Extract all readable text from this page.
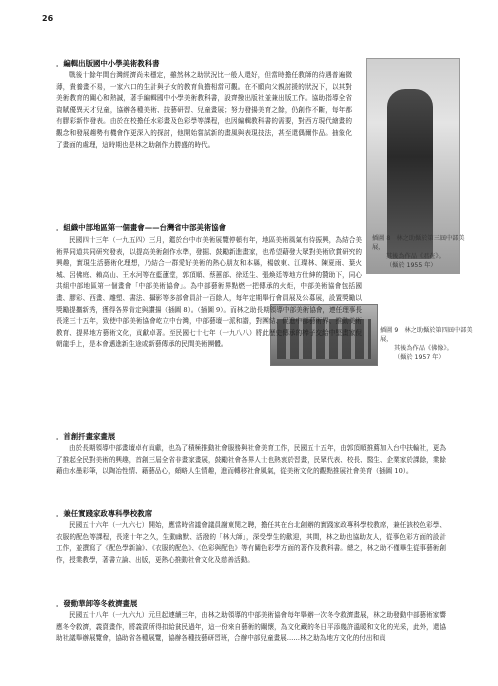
26
插圖 8　林之助攝於第三屆中部美展，
其後為作品《君在》。
（攝於 1955 年）
插圖 9　林之助攝於第四屆中部美展，
其後為作品《佛像》。
（攝於 1957 年）
．編輯出版國中小學美術教科書

戰後十餘年間台灣經濟尚未穩定，雖然林之助狀況比一般人還好，但當時擔任教師的待遇普遍微薄，貴養畫不易，一家六口的生計與子女的教育負擔相當可觀。在不願向父親討援的狀況下，以其對美術教育的關心和熱誠，著手編輯國中小學美術教科書，設齊撥出版社並兼出版工作。協助指導全省資賦優異天才兒童，協辦各種美術、技藝研習、兒童畫展；努力發揚美育之餘，仍創作不斷，每年都有膠彩新作發表。由於在校擔任水彩畫及色彩學等課程，也因編輯教科書的需要，對西方現代繪畫的觀念和發展趨勢有機會作更深入的探討，他開始嘗試新的畫風與表現技法，甚至還偶爾作品。抽象化了畫面的處理，這時期也是林之助創作力勝盛的時代。

．組織中部地區第一個畫會——台灣省中部美術協會

民國四十三年（一九五四）三月，鑑於台中市美術展覽停頓有年，地區美術風氣有待振興，為結合美術界同道共同研究發表，以提高美術創作水準，發掘、鼓勵新進畫家，也希望藉發大眾對美術欣賞研究的興趣，實現生活藝術化理想，乃結合一群愛好美術的熱心朋友和本縣，楊啟東、江璨林、陳夏雨、葉火城、呂佛庭、賴高山、王水河等在藍蓮堂，郭頂順、蔡蕙部、徐廷生、張煥廷等地方仕紳的贊助下，同心共組中部地區第一個畫會「中部美術協會」。為中部藝術界點燃一把傳承的火炬，中部美術協會包括國畫、膠彩、西畫、雕塑、書法、攝影等多部會員計一百餘人，每年定期舉行會員展及公募展，設置獎勵以獎勵提攜新秀，獲得各界肯定與讚揚（插圖 8）。（插圖 9）。而林之助長期領導中部美術協會，連任理事長長達三十五年，致使中部美術協會屹立中台灣，中部藝壇一派和諧，對團結、促進中部藝術界、推動美術教育、提昇地方藝術文化，貢獻卓著。至民國七十七年（一九八八）將此歷史傳承的棒子交給中堅畫家倪朝龍手上，是本會邁進新生途或新藝傳承的民間美術團體。

．首創扦畫家畫展

由於長期領導中部畫壇卓有貢獻，也為了積極推動社會服務與社會美育工作，民國五十五年，由郭頂順推薦加入台中扶輪社，更為了推起全民對美術的興趣，首創三屆全省非畫家畫展，鼓勵社會各界人士也熱衷於習畫，民眾代表、校長、醫生、企業家於課餘，業餘藉由水墨彩筆，以陶冶性情、藉藝品心，頗略人生情趣，進而轉移社會風氣，從美術文化的觀點推展社會美育（插圖 10）。

．兼任實踐家政專科學校教席

民國五十六年（一九六七）開始，應當時省議會議員謝東閔之聘，擔任其在台北創辦的實踐家政專科學校教席，兼任該校色彩學、衣服的配色等課程，長達十年之久，生動幽默、活潑的「林大師」，深受學生的歡迎，其間，林之助也協助友人，從事色彩方面的設計工作，並撰寫了《配色學新論》、《衣服的配色》、《色彩與配色》等有關色彩學方面的著作及教科書。總之，林之助不僅畢生從事藝術創作，授業教學，著書立論、出版，更熱心推動社會文化及慈善活動。

．發動華卸等冬救濟畫展

民國五十八年（一九六九）元旦起連續三年，由林之助領導的中部美術協會每年舉辦一次冬令救濟畫展，林之助發動中部藝術家響應冬令救濟，義賣畫作，將義賣所得扣給貧民過年，這一份來自藝術的關懷，為文化藏的冬日平添幾許溫暖和文化的光采，此外，還協助社議舉辦展覽會，協助省各種展覽，協辦各種技藝研習班，合辦中部兒童畫展……林之助為地方文化的付出和貢
